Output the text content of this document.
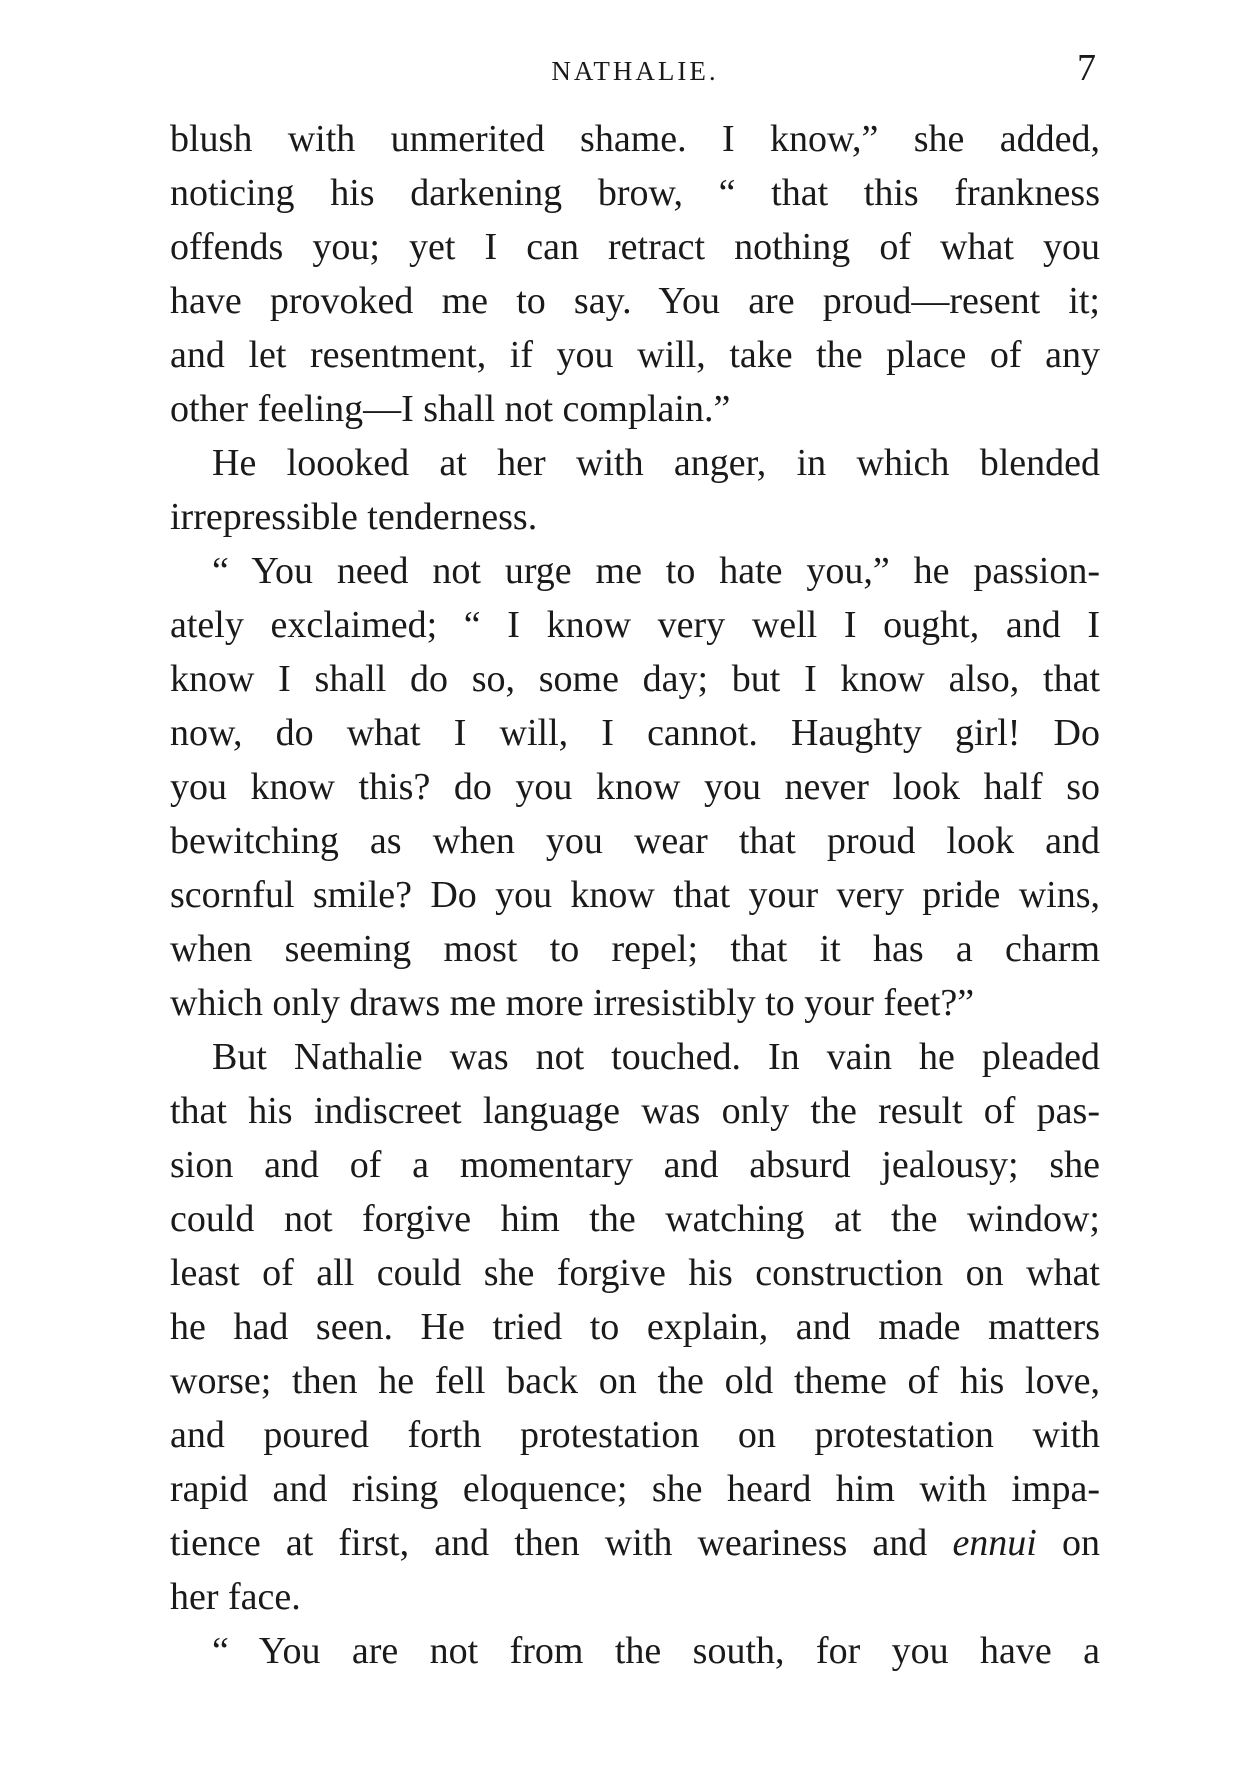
NATHALIE.	7
blush with unmerited shame. I know,” she added,
noticing his darkening brow, “ that this frankness
offends you; yet I can retract nothing of what you
have provoked me to say. You are proud—resent it;
and let resentment, if you will, take the place of any
other feeling—I shall not complain.”
He loooked at her with anger, in which blended
irrepressible tenderness.
“ You need not urge me to hate you,” he passion-
ately exclaimed; “ I know very well I ought, and I
know I shall do so, some day; but I know also, that
now, do what I will, I cannot. Haughty girl! Do
you know this? do you know you never look half so
bewitching as when you wear that proud look and
scornful smile? Do you know that your very pride wins,
when seeming most to repel; that it has a charm
which only draws me more irresistibly to your feet?”
But Nathalie was not touched. In vain he pleaded
that his indiscreet language was only the result of pas-
sion and of a momentary and absurd jealousy; she
could not forgive him the watching at the window;
least of all could she forgive his construction on what
he had seen. He tried to explain, and made matters
worse; then he fell back on the old theme of his love,
and poured forth protestation on protestation with
rapid and rising eloquence; she heard him with impa-
tience at first, and then with weariness and ennui on
her face.
“ You are not from the south, for you have a
